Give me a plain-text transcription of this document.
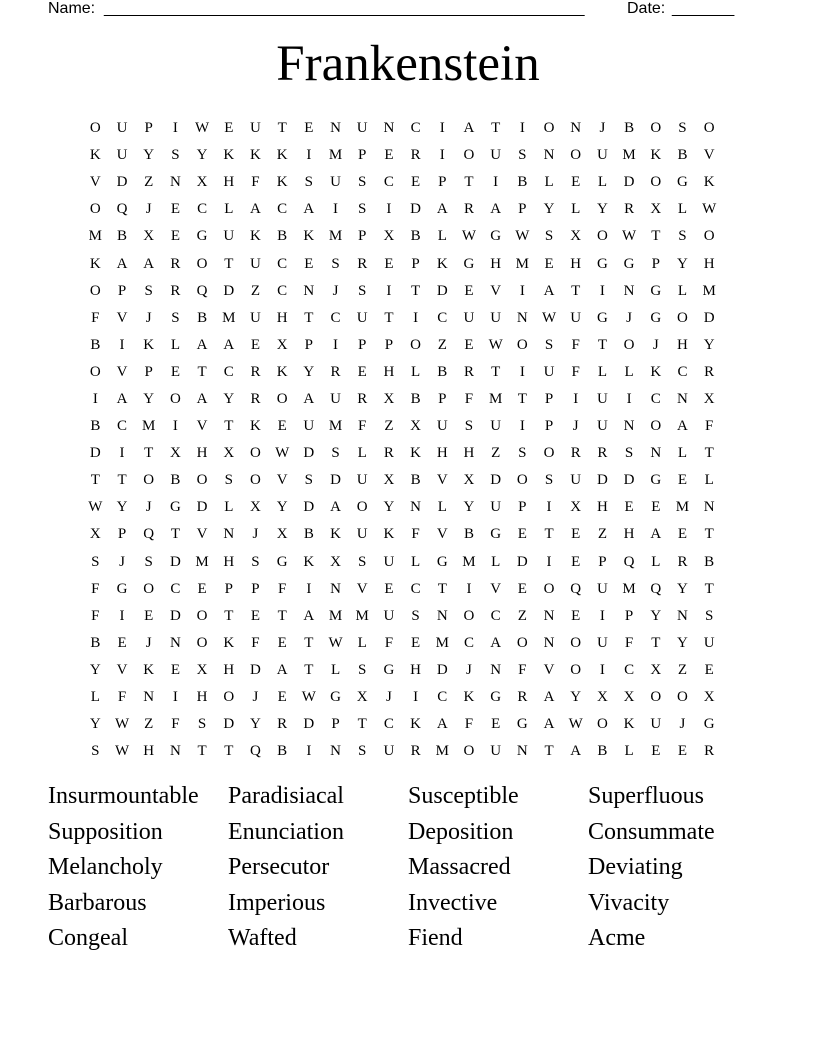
Name: ______________________________________________________	Date: _______
Frankenstein
O	U	P	I	W	E	U	T	E	N	U	N	C	I	A	T	I	O	N	J	B	O	S	O
K	U	Y	S	Y	K	K	K	I	M	P	E	R	I	O	U	S	N	O	U M K	B	V
V	D	Z	N	X	H	F	K	S	U	S	C	E	P	T	I	B	L	E	L	D	O	G	K
O	Q	J	E	C	L	A	C	A	I	S	I	D	A	R	A	P	Y	L	Y	R	X	L	W
M	B	X	E	G	U	K	B	K M	P	X	B	L	W G W	S	X	O W	T	S	O
K	A	A	R	O	T	U	C	E	S	R	E	P	K	G	H M	E	H	G	G	P	Y	H
O	P	S	R	Q	D	Z	C	N	J	S	I	T	D	E	V	I	A	T	I	N	G	L	M
F	V	J	S	B	M U	H	T	C	U	T	I	C	U	U	N W U	G	J	G	O	D
B	I	K	L	A	A	E	X	P	I	P	P	O	Z	E	W O	S	F	T	O	J	H	Y
O	V	P	E	T	C	R	K	Y	R	E	H	L	B	R	T	I	U	F	L	L	K	C	R
I	A	Y	O	A	Y	R	O	A	U	R	X	B	P	F	M	T	P	I	U	I	C	N	X
B	C	M	I	V	T	K	E	U M	F	Z	X	U	S	U	I	P	J	U	N	O	A	F
D	I	T	X	H	X	O W D	S	L	R	K	H	H	Z	S	O	R	R	S	N	L	T
T	T	O	B	O	S	O	V	S	D	U	X	B	V	X	D	O	S	U	D	D	G	E	L
W Y	J	G	D	L	X	Y	D	A	O	Y	N	L	Y	U	P	I	X	H	E	E	M N
X	P	Q	T	V	N	J	X	B	K	U	K	F	V	B	G	E	T	E	Z	H	A	E	T
S	J	S	D M H	S	G	K	X	S	U	L	G M	L	D	I	E	P	Q	L	R	B
F	G	O	C	E	P	P	F	I	N	V	E	C	T	I	V	E	O	Q	U M Q	Y	T
F	I	E	D	O	T	E	T	A M M U	S	N	O	C	Z	N	E	I	P	Y	N	S
B	E	J	N	O	K	F	E	T	W	L	F	E	M	C	A	O	N	O	U	F	T	Y	U
Y	V	K	E	X	H	D	A	T	L	S	G	H	D	J	N	F	V	O	I	C	X	Z	E
L	F	N	I	H	O	J	E	W G	X	J	I	C	K	G	R	A	Y	X	X	O	O	X
Y W	Z	F	S	D	Y	R	D	P	T	C	K	A	F	E	G	A W O	K	U	J	G
S	W H	N	T	T	Q	B	I	N	S	U	R	M O	U	N	T	A	B	L	E	E	R
Insurmountable	Paradisiacal	Susceptible	Superfluous
Supposition	Enunciation	Deposition	Consummate
Melancholy	Persecutor	Massacred	Deviating
Barbarous	Imperious	Invective	Vivacity
Congeal	Wafted	Fiend	Acme
